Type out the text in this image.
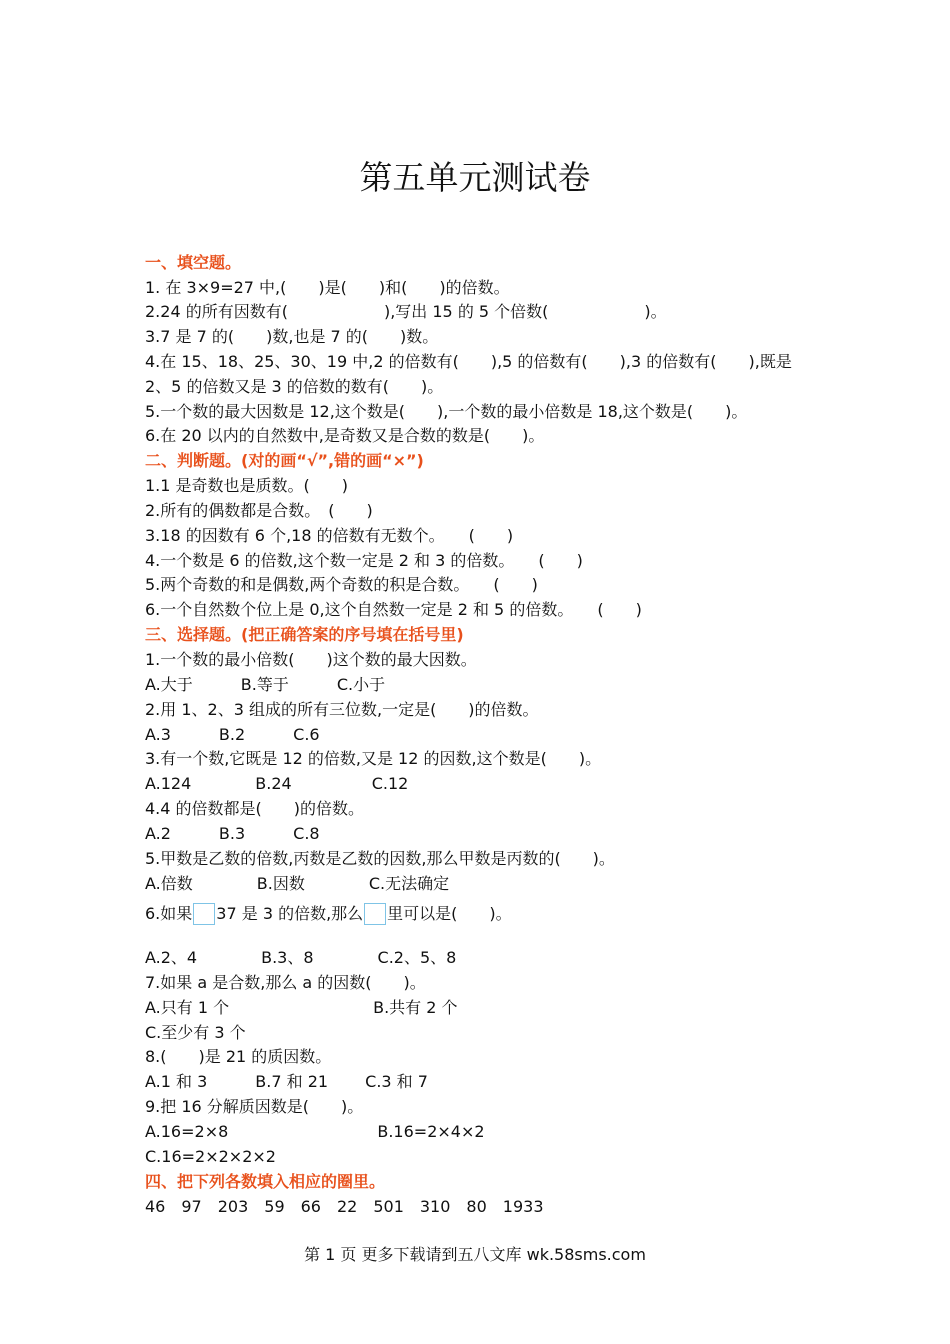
第五单元测试卷
一、填空题。
1. 在 3×9=27 中,(　　)是(　　)和(　　)的倍数。
2.24 的所有因数有(　　　　　　),写出 15 的 5 个倍数(　　　　　　)。
3.7 是 7 的(　　)数,也是 7 的(　　)数。
4.在 15、18、25、30、19 中,2 的倍数有(　　),5 的倍数有(　　),3 的倍数有(　　),既是
2、5 的倍数又是 3 的倍数的数有(　　)。
5.一个数的最大因数是 12,这个数是(　　),一个数的最小倍数是 18,这个数是(　　)。
6.在 20 以内的自然数中,是奇数又是合数的数是(　　)。
二、判断题。(对的画“√”,错的画“×”)
1.1 是奇数也是质数。(　　)
2.所有的偶数都是合数。　(　　)
3.18 的因数有 6 个,18 的倍数有无数个。　　(　　)
4.一个数是 6 的倍数,这个数一定是 2 和 3 的倍数。　　(　　)
5.两个奇数的和是偶数,两个奇数的积是合数。　　(　　)
6.一个自然数个位上是 0,这个自然数一定是 2 和 5 的倍数。　　(　　)
三、选择题。(把正确答案的序号填在括号里)
1.一个数的最小倍数(　　)这个数的最大因数。
A.大于　　　B.等于　　　C.小于
2.用 1、2、3 组成的所有三位数,一定是(　　)的倍数。
A.3　　　B.2　　　C.6
3.有一个数,它既是 12 的倍数,又是 12 的因数,这个数是(　　)。
A.124　　　　B.24　　　　　C.12
4.4 的倍数都是(　　)的倍数。
A.2　　　B.3　　　C.8
5.甲数是乙数的倍数,丙数是乙数的因数,那么甲数是丙数的(　　)。
A.倍数　　　　B.因数　　　　C.无法确定
6.如果 37 是 3 的倍数,那么 里可以是(　　)。
A.2、4　　　　B.3、8　　　　C.2、5、8
7.如果 a 是合数,那么 a 的因数(　　)。
A.只有 1 个　　　　　　　　　B.共有 2 个
C.至少有 3 个
8.(　　)是 21 的质因数。
A.1 和 3　　　B.7 和 21　　 C.3 和 7
9.把 16 分解质因数是(　　)。
A.16=2×8　　　　　　　　　 B.16=2×4×2
C.16=2×2×2×2
四、把下列各数填入相应的圈里。
46　97　203　59　66　22　501　310　80　1933
第 1 页 更多下载请到五八文库 wk.58sms.com
